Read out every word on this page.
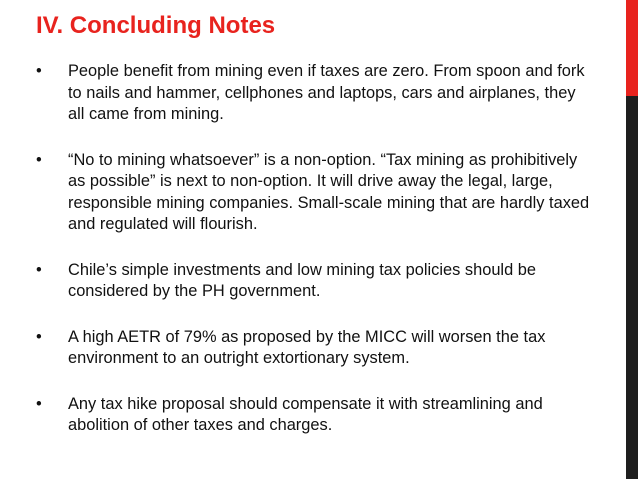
IV. Concluding Notes
•	People benefit from mining even if taxes are zero. From spoon and fork to nails and hammer, cellphones and laptops, cars and airplanes, they all came from mining.
•	“No to mining whatsoever” is a non-option. “Tax mining as prohibitively as possible” is next to non-option. It will drive away the legal, large, responsible mining companies. Small-scale mining that are hardly taxed and regulated will flourish.
•	Chile’s simple investments and low mining tax policies should be considered by the PH government.
•	A high AETR of 79% as proposed by the MICC will worsen the tax environment to an outright extortionary system.
•	Any tax hike proposal should compensate it with streamlining and abolition of other taxes and charges.
